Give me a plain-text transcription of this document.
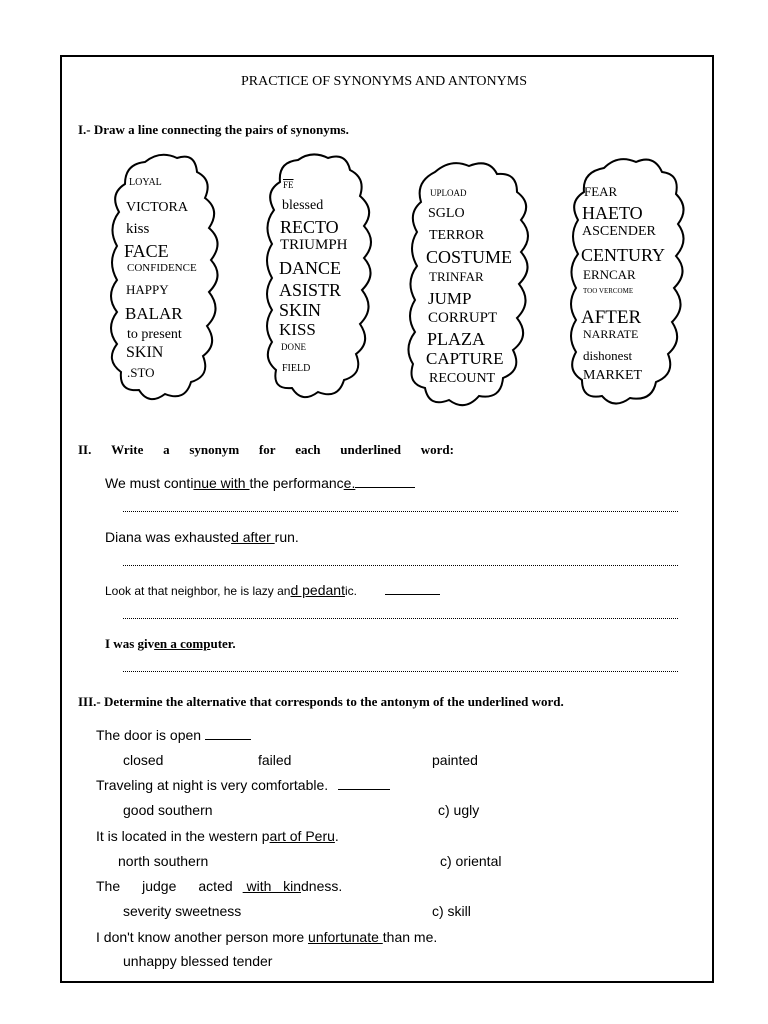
PRACTICE OF SYNONYMS AND ANTONYMS
I.- Draw a line connecting the pairs of synonyms.
LOYAL
VICTORA
kiss
FACE
CONFIDENCE
HAPPY
BALAR
to present
SKIN
.STO
$\overline{FE}$
blessed
RECTO
TRIUMPH
DANCE
ASISTR
SKIN
KISS
DONE
FIELD
UPLOAD
SGLO
TERROR
COSTUME
TRINFAR
JUMP
CORRUPT
PLAZA
CAPTURE
RECOUNT
FEAR
HAETO
ASCENDER
CENTURY
ERNCAR
TOO VERCOME
AFTER
NARRATE
dishonest
MARKET
II. Write a synonym for each underlined word:
We must continue with the performance.
Diana was exhausted after run.
Look at that neighbor, he is lazy and pedantic.
I was given a computer.
III.- Determine the alternative that corresponds to the antonym of the underlined word.
The door is open
closed	failed	painted
Traveling at night is very comfortable.
good southern	c) ugly
It is located in the western part of Peru.
north southern	c) oriental
The judge acted with   kindness.
severity sweetness	c) skill
I don't know another person more unfortunate than me.
unhappy blessed tender
